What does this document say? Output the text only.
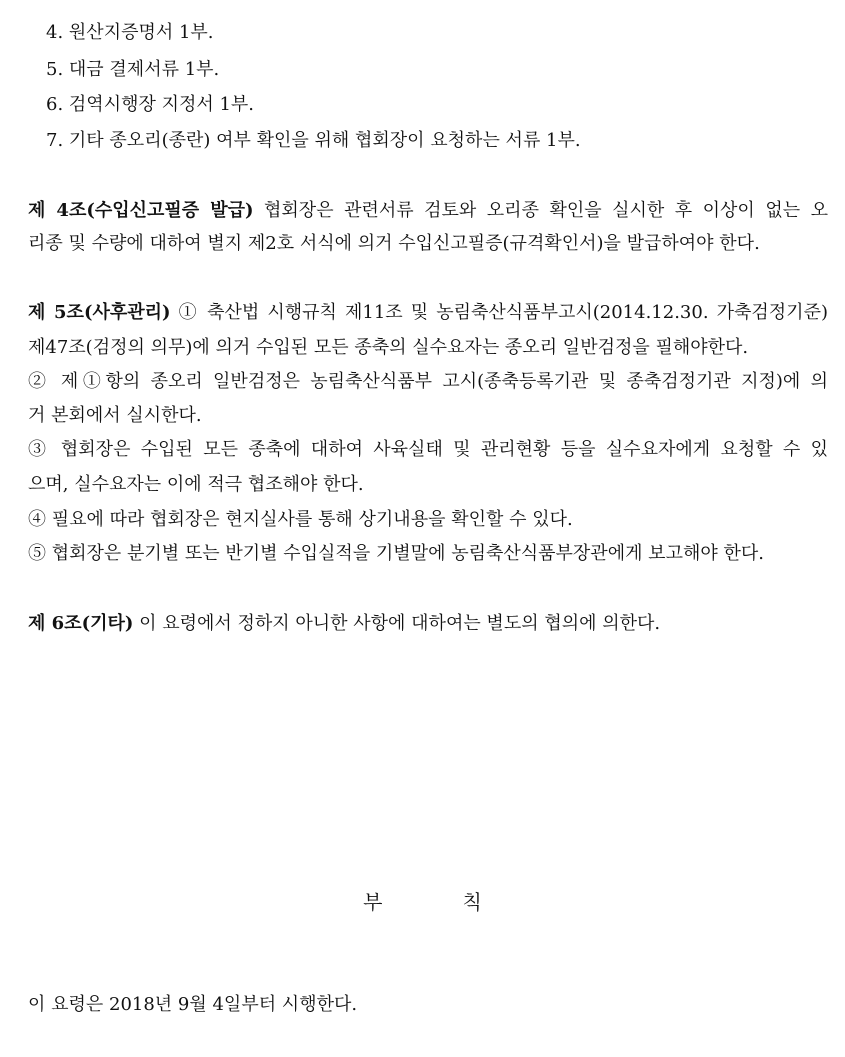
4. 원산지증명서 1부.
5. 대금 결제서류 1부.
6. 검역시행장 지정서 1부.
7. 기타 종오리(종란) 여부 확인을 위해 협회장이 요청하는 서류 1부.
제 4조(수입신고필증 발급) 협회장은 관련서류 검토와 오리종 확인을 실시한 후 이상이 없는 오
리종 및 수량에 대하여 별지 제2호 서식에 의거 수입신고필증(규격확인서)을 발급하여야 한다.
제 5조(사후관리) ① 축산법 시행규칙 제11조 및 농림축산식품부고시(2014.12.30. 가축검정기준)
제47조(검정의 의무)에 의거 수입된 모든 종축의 실수요자는 종오리 일반검정을 필해야한다.
② 제①항의 종오리 일반검정은 농림축산식품부 고시(종축등록기관 및 종축검정기관 지정)에 의
거 본회에서 실시한다.
③ 협회장은 수입된 모든 종축에 대하여 사육실태 및 관리현황 등을 실수요자에게 요청할 수 있
으며, 실수요자는 이에 적극 협조해야 한다.
④ 필요에 따라 협회장은 현지실사를 통해 상기내용을 확인할 수 있다.
⑤ 협회장은 분기별 또는 반기별 수입실적을 기별말에 농림축산식품부장관에게 보고해야 한다.
제 6조(기타) 이 요령에서 정하지 아니한 사항에 대하여는 별도의 협의에 의한다.
부	칙
이 요령은 2018년 9월 4일부터 시행한다.
